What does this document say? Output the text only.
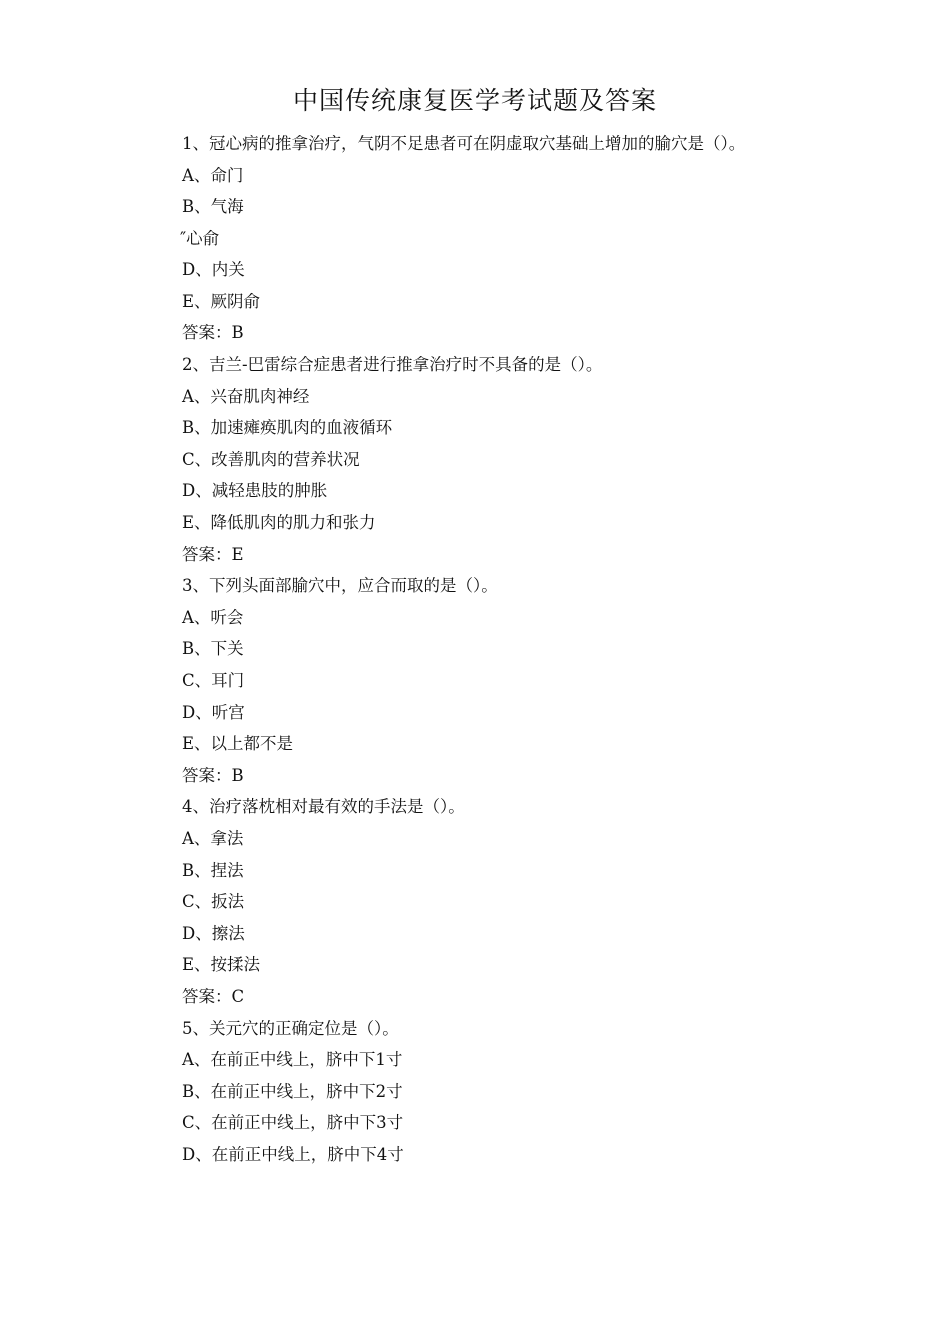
中国传统康复医学考试题及答案

1、冠心病的推拿治疗，气阴不足患者可在阴虚取穴基础上增加的腧穴是（）。

A、命门
B、气海
″心俞
D、内关
E、厥阴俞
答案：B
2、吉兰-巴雷综合症患者进行推拿治疗时不具备的是（）。
A、兴奋肌肉神经
B、加速瘫痪肌肉的血液循环
C、改善肌肉的营养状况
D、减轻患肢的肿胀
E、降低肌肉的肌力和张力
答案：E
3、下列头面部腧穴中，应合而取的是（）。
A、听会
B、下关
C、耳门
D、听宫
E、以上都不是
答案：B
4、治疗落枕相对最有效的手法是（）。
A、拿法
B、捏法
C、扳法
D、擦法
E、按揉法
答案：C
5、关元穴的正确定位是（）。
A、在前正中线上，脐中下1寸
B、在前正中线上，脐中下2寸
C、在前正中线上，脐中下3寸
D、在前正中线上，脐中下4寸
